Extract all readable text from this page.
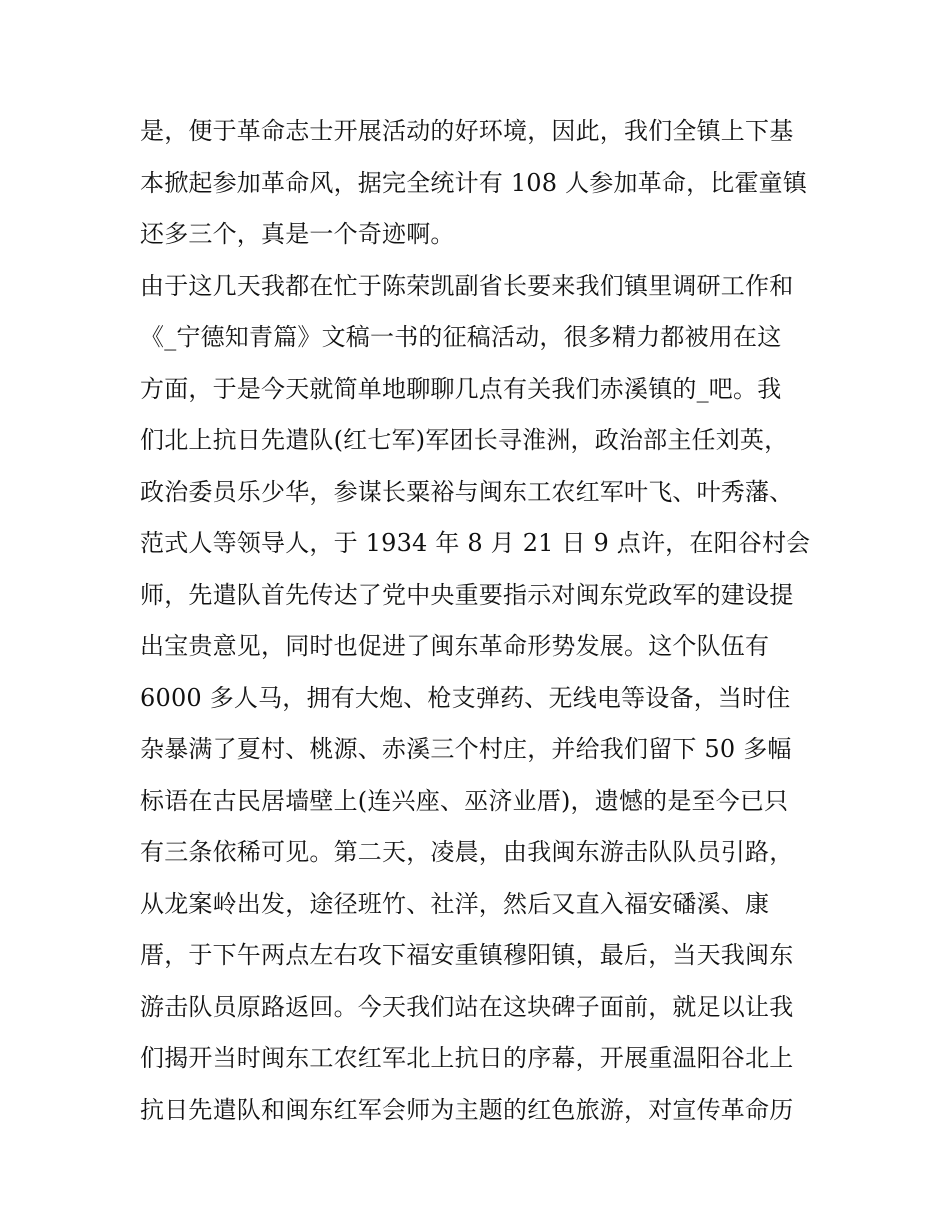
是，便于革命志士开展活动的好环境，因此，我们全镇上下基
本掀起参加革命风，据完全统计有 108 人参加革命，比霍童镇
还多三个，真是一个奇迹啊。
由于这几天我都在忙于陈荣凯副省长要来我们镇里调研工作和
《_宁德知青篇》文稿一书的征稿活动，很多精力都被用在这
方面，于是今天就简单地聊聊几点有关我们赤溪镇的_吧。我
们北上抗日先遣队(红七军)军团长寻淮洲，政治部主任刘英，
政治委员乐少华，参谋长粟裕与闽东工农红军叶飞、叶秀藩、
范式人等领导人，于 1934 年 8 月 21 日 9 点许，在阳谷村会
师，先遣队首先传达了党中央重要指示对闽东党政军的建设提
出宝贵意见，同时也促进了闽东革命形势发展。这个队伍有
6000 多人马，拥有大炮、枪支弹药、无线电等设备，当时住
杂暴满了夏村、桃源、赤溪三个村庄，并给我们留下 50 多幅
标语在古民居墙壁上(连兴座、巫济业厝)，遗憾的是至今已只
有三条依稀可见。第二天，凌晨，由我闽东游击队队员引路，
从龙案岭出发，途径班竹、社洋，然后又直入福安磻溪、康
厝，于下午两点左右攻下福安重镇穆阳镇，最后，当天我闽东
游击队员原路返回。今天我们站在这块碑子面前，就足以让我
们揭开当时闽东工农红军北上抗日的序幕，开展重温阳谷北上
抗日先遣队和闽东红军会师为主题的红色旅游，对宣传革命历
